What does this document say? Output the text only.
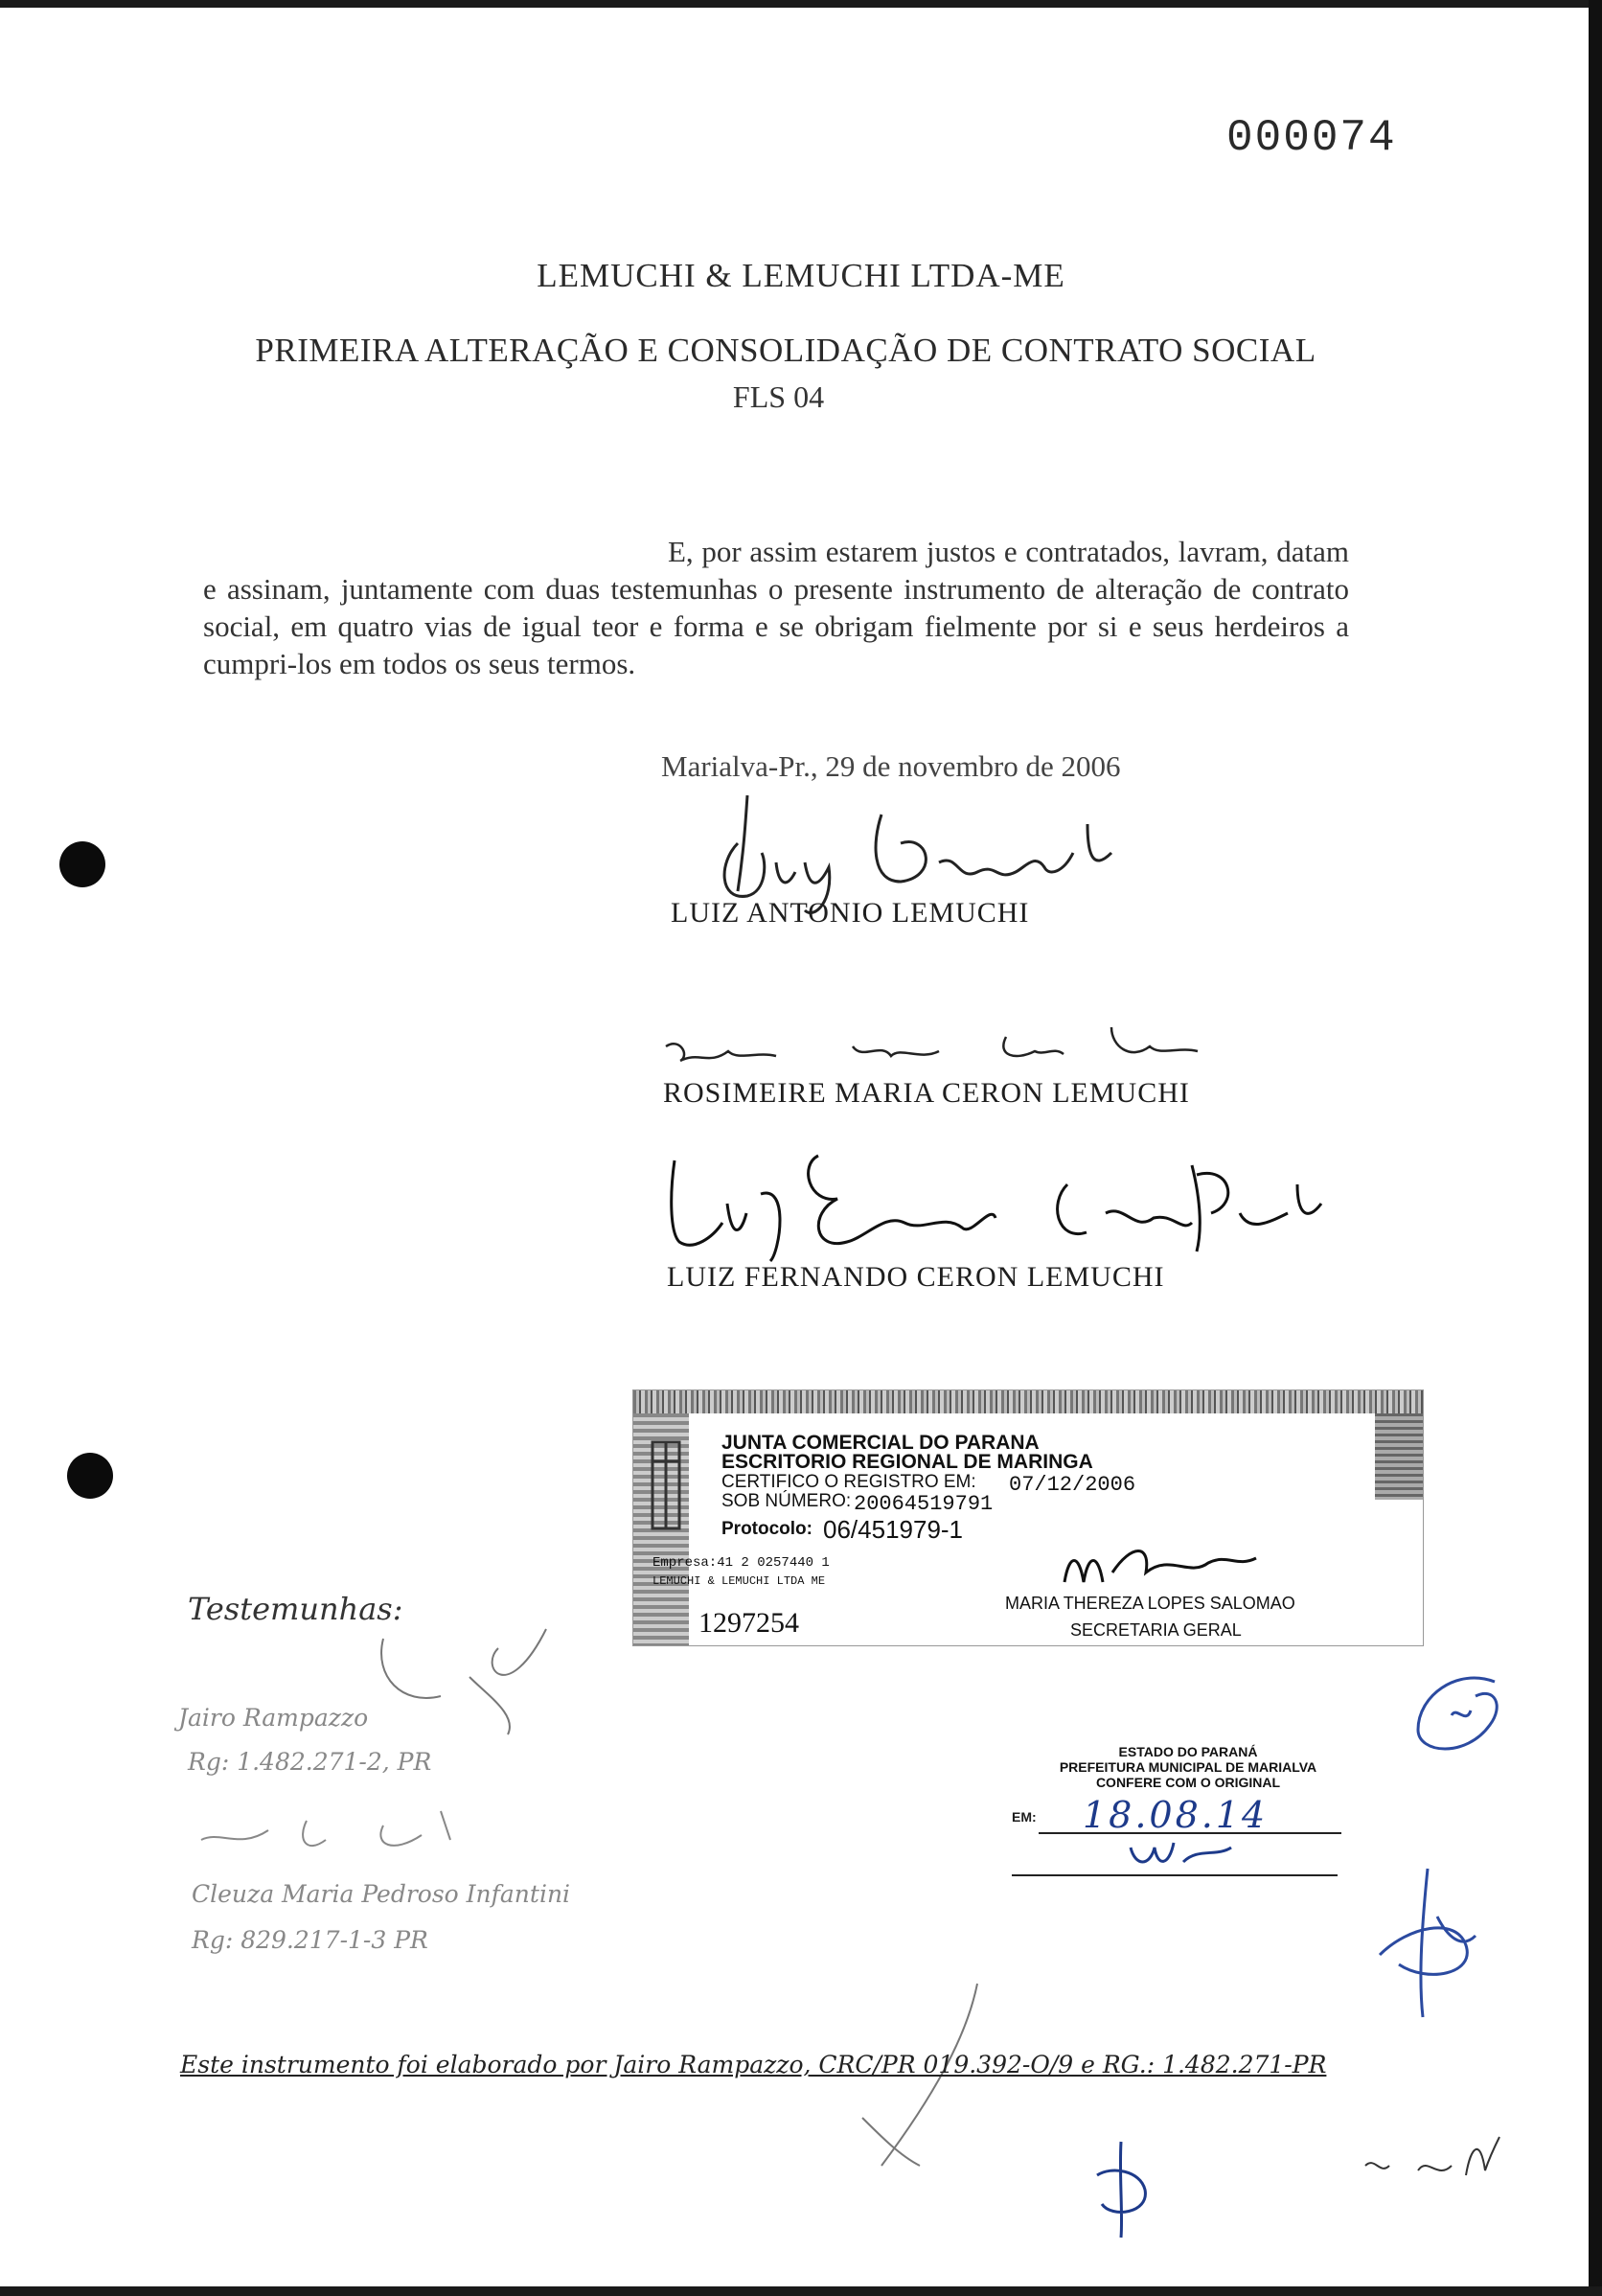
000074
LEMUCHI & LEMUCHI LTDA-ME
PRIMEIRA ALTERAÇÃO E CONSOLIDAÇÃO DE CONTRATO SOCIAL
FLS 04
E, por assim estarem justos e contratados, lavram, datam e assinam, juntamente com duas testemunhas o presente instrumento de alteração de contrato social, em quatro vias de igual teor e forma e se obrigam fielmente por si e seus herdeiros a cumpri-los em todos os seus termos.
Marialva-Pr., 29 de novembro de 2006
LUIZ ANTONIO LEMUCHI
ROSIMEIRE MARIA CERON LEMUCHI
LUIZ FERNANDO CERON LEMUCHI
JUNTA COMERCIAL DO PARANA
ESCRITORIO REGIONAL DE MARINGA
CERTIFICO O REGISTRO EM: 07/12/2006
SOB NÚMERO: 20064519791
Protocolo: 06/451979-1
Empresa:41 2 0257440 1
LEMUCHI & LEMUCHI LTDA ME
1297254
MARIA THEREZA LOPES SALOMAO
SECRETARIA GERAL
Testemunhas:
Jairo Rampazzo
Rg: 1.482.271-2, PR
Cleuza Maria Pedroso Infantini
Rg: 829.217-1-3 PR
ESTADO DO PARANÁ
PREFEITURA MUNICIPAL DE MARIALVA
CONFERE COM O ORIGINAL
EM: 18.08.14
Este instrumento foi elaborado por Jairo Rampazzo, CRC/PR 019.392-O/9 e RG.: 1.482.271-PR
